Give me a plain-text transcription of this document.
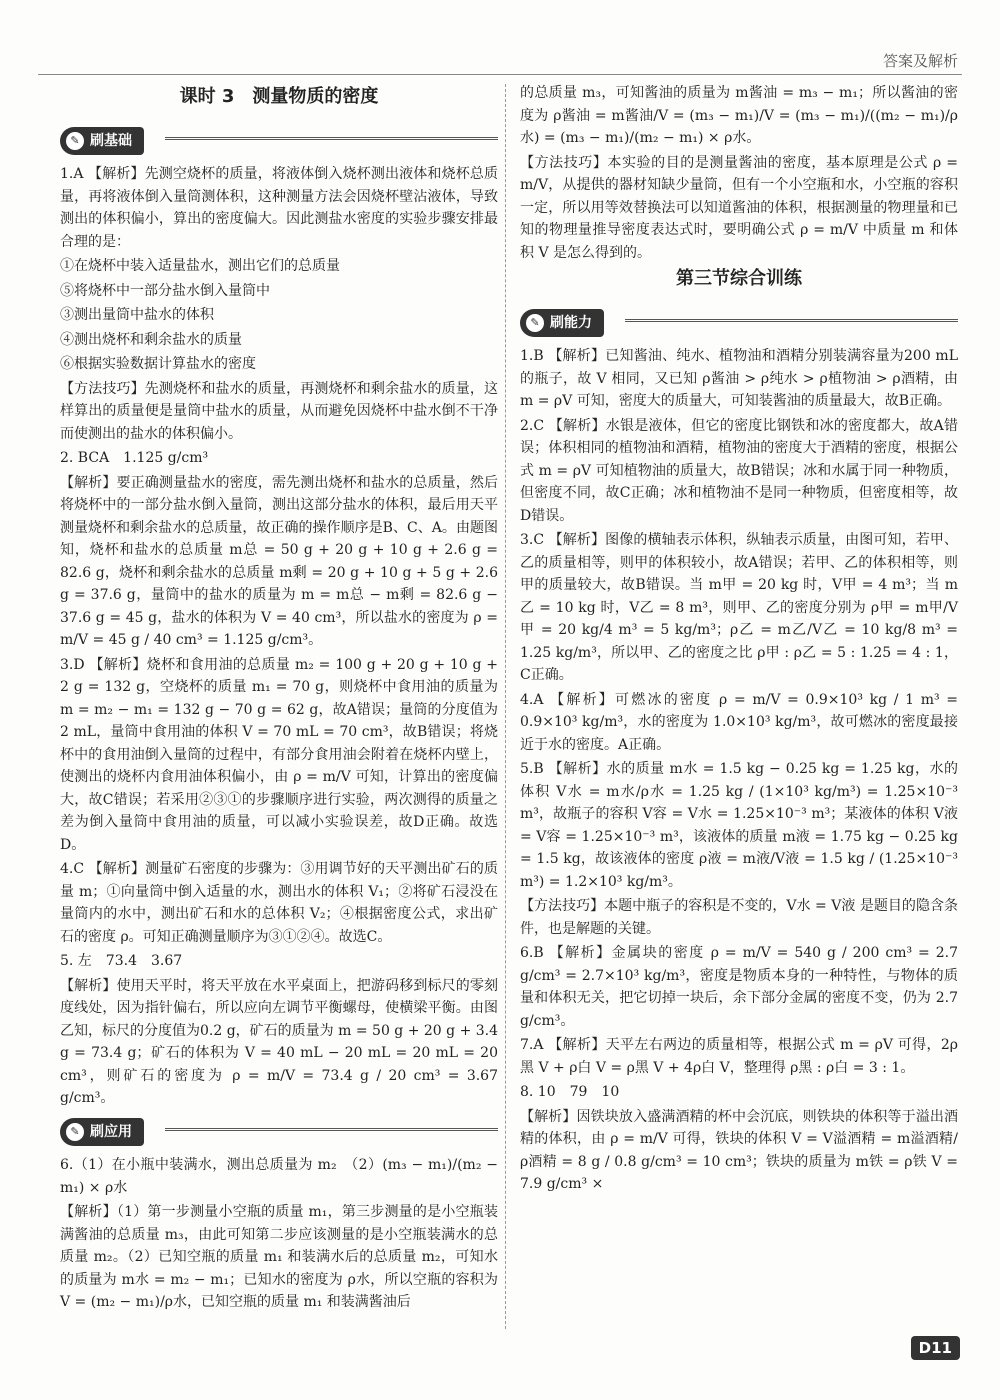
答案及解析
课时 3　测量物质的密度
✎ 刷基础

1.A 【解析】先测空烧杯的质量，将液体倒入烧杯测出液体和烧杯总质量，再将液体倒入量筒测体积，这种测量方法会因烧杯壁沾液体，导致测出的体积偏小，算出的密度偏大。因此测盐水密度的实验步骤安排最合理的是：

①在烧杯中装入适量盐水，测出它们的总质量

⑤将烧杯中一部分盐水倒入量筒中

③测出量筒中盐水的体积

④测出烧杯和剩余盐水的质量

⑥根据实验数据计算盐水的密度

【方法技巧】先测烧杯和盐水的质量，再测烧杯和剩余盐水的质量，这样算出的质量便是量筒中盐水的质量，从而避免因烧杯中盐水倒不干净而使测出的盐水的体积偏小。

2. BCA　1.125 g/cm³

【解析】要正确测量盐水的密度，需先测出烧杯和盐水的总质量，然后将烧杯中的一部分盐水倒入量筒，测出这部分盐水的体积，最后用天平测量烧杯和剩余盐水的总质量，故正确的操作顺序是B、C、A。由题图知，烧杯和盐水的总质量 m总 = 50 g + 20 g + 10 g + 2.6 g = 82.6 g，烧杯和剩余盐水的总质量 m剩 = 20 g + 10 g + 5 g + 2.6 g = 37.6 g，量筒中的盐水的质量为 m = m总 − m剩 = 82.6 g − 37.6 g = 45 g，盐水的体积为 V = 40 cm³，所以盐水的密度为 ρ = m/V = 45 g / 40 cm³ = 1.125 g/cm³。

3.D 【解析】烧杯和食用油的总质量 m₂ = 100 g + 20 g + 10 g + 2 g = 132 g，空烧杯的质量 m₁ = 70 g，则烧杯中食用油的质量为 m = m₂ − m₁ = 132 g − 70 g = 62 g，故A错误；量筒的分度值为2 mL，量筒中食用油的体积 V = 70 mL = 70 cm³，故B错误；将烧杯中的食用油倒入量筒的过程中，有部分食用油会附着在烧杯内壁上，使测出的烧杯内食用油体积偏小，由 ρ = m/V 可知，计算出的密度偏大，故C错误；若采用②③①的步骤顺序进行实验，两次测得的质量之差为倒入量筒中食用油的质量，可以减小实验误差，故D正确。故选D。

4.C 【解析】测量矿石密度的步骤为：③用调节好的天平测出矿石的质量 m；①向量筒中倒入适量的水，测出水的体积 V₁；②将矿石浸没在量筒内的水中，测出矿石和水的总体积 V₂；④根据密度公式，求出矿石的密度 ρ。可知正确测量顺序为③①②④。故选C。

5. 左　73.4　3.67

【解析】使用天平时，将天平放在水平桌面上，把游码移到标尺的零刻度线处，因为指针偏右，所以应向左调节平衡螺母，使横梁平衡。由图乙知，标尺的分度值为0.2 g，矿石的质量为 m = 50 g + 20 g + 3.4 g = 73.4 g；矿石的体积为 V = 40 mL − 20 mL = 20 mL = 20 cm³，则矿石的密度为 ρ = m/V = 73.4 g / 20 cm³ = 3.67 g/cm³。

✎ 刷应用

6.（1）在小瓶中装满水，测出总质量为 m₂　（2）(m₃ − m₁)/(m₂ − m₁) × ρ水

【解析】（1）第一步测量小空瓶的质量 m₁，第三步测量的是小空瓶装满酱油的总质量 m₃，由此可知第二步应该测量的是小空瓶装满水的总质量 m₂。（2）已知空瓶的质量 m₁ 和装满水后的总质量 m₂，可知水的质量为 m水 = m₂ − m₁；已知水的密度为 ρ水，所以空瓶的容积为 V = (m₂ − m₁)/ρ水，已知空瓶的质量 m₁ 和装满酱油后

的总质量 m₃，可知酱油的质量为 m酱油 = m₃ − m₁；所以酱油的密度为 ρ酱油 = m酱油/V = (m₃ − m₁)/V = (m₃ − m₁)/((m₂ − m₁)/ρ水) = (m₃ − m₁)/(m₂ − m₁) × ρ水。

【方法技巧】本实验的目的是测量酱油的密度，基本原理是公式 ρ = m/V，从提供的器材知缺少量筒，但有一个小空瓶和水，小空瓶的容积一定，所以用等效替换法可以知道酱油的体积，根据测量的物理量和已知的物理量推导密度表达式时，要明确公式 ρ = m/V 中质量 m 和体积 V 是怎么得到的。

第三节综合训练
✎ 刷能力

1.B 【解析】已知酱油、纯水、植物油和酒精分别装满容量为200 mL的瓶子，故 V 相同，又已知 ρ酱油 > ρ纯水 > ρ植物油 > ρ酒精，由 m = ρV 可知，密度大的质量大，可知装酱油的质量最大，故B正确。

2.C 【解析】水银是液体，但它的密度比钢铁和冰的密度都大，故A错误；体积相同的植物油和酒精，植物油的密度大于酒精的密度，根据公式 m = ρV 可知植物油的质量大，故B错误；冰和水属于同一种物质，但密度不同，故C正确；冰和植物油不是同一种物质，但密度相等，故D错误。

3.C 【解析】图像的横轴表示体积，纵轴表示质量，由图可知，若甲、乙的质量相等，则甲的体积较小，故A错误；若甲、乙的体积相等，则甲的质量较大，故B错误。当 m甲 = 20 kg 时，V甲 = 4 m³；当 m乙 = 10 kg 时，V乙 = 8 m³，则甲、乙的密度分别为 ρ甲 = m甲/V甲 = 20 kg/4 m³ = 5 kg/m³；ρ乙 = m乙/V乙 = 10 kg/8 m³ = 1.25 kg/m³，所以甲、乙的密度之比 ρ甲 : ρ乙 = 5 : 1.25 = 4 : 1，C正确。

4.A 【解析】可燃冰的密度 ρ = m/V = 0.9×10³ kg / 1 m³ = 0.9×10³ kg/m³，水的密度为 1.0×10³ kg/m³，故可燃冰的密度最接近于水的密度。A正确。

5.B 【解析】水的质量 m水 = 1.5 kg − 0.25 kg = 1.25 kg，水的体积 V水 = m水/ρ水 = 1.25 kg / (1×10³ kg/m³) = 1.25×10⁻³ m³，故瓶子的容积 V容 = V水 = 1.25×10⁻³ m³；某液体的体积 V液 = V容 = 1.25×10⁻³ m³，该液体的质量 m液 = 1.75 kg − 0.25 kg = 1.5 kg，故该液体的密度 ρ液 = m液/V液 = 1.5 kg / (1.25×10⁻³ m³) = 1.2×10³ kg/m³。

【方法技巧】本题中瓶子的容积是不变的，V水 = V液 是题目的隐含条件，也是解题的关键。

6.B 【解析】金属块的密度 ρ = m/V = 540 g / 200 cm³ = 2.7 g/cm³ = 2.7×10³ kg/m³，密度是物质本身的一种特性，与物体的质量和体积无关，把它切掉一块后，余下部分金属的密度不变，仍为 2.7 g/cm³。

7.A 【解析】天平左右两边的质量相等，根据公式 m = ρV 可得，2ρ黑 V + ρ白 V = ρ黑 V + 4ρ白 V，整理得 ρ黑 : ρ白 = 3 : 1。

8. 10　79　10

【解析】因铁块放入盛满酒精的杯中会沉底，则铁块的体积等于溢出酒精的体积，由 ρ = m/V 可得，铁块的体积 V = V溢酒精 = m溢酒精/ρ酒精 = 8 g / 0.8 g/cm³ = 10 cm³；铁块的质量为 m铁 = ρ铁 V = 7.9 g/cm³ ×

D11
